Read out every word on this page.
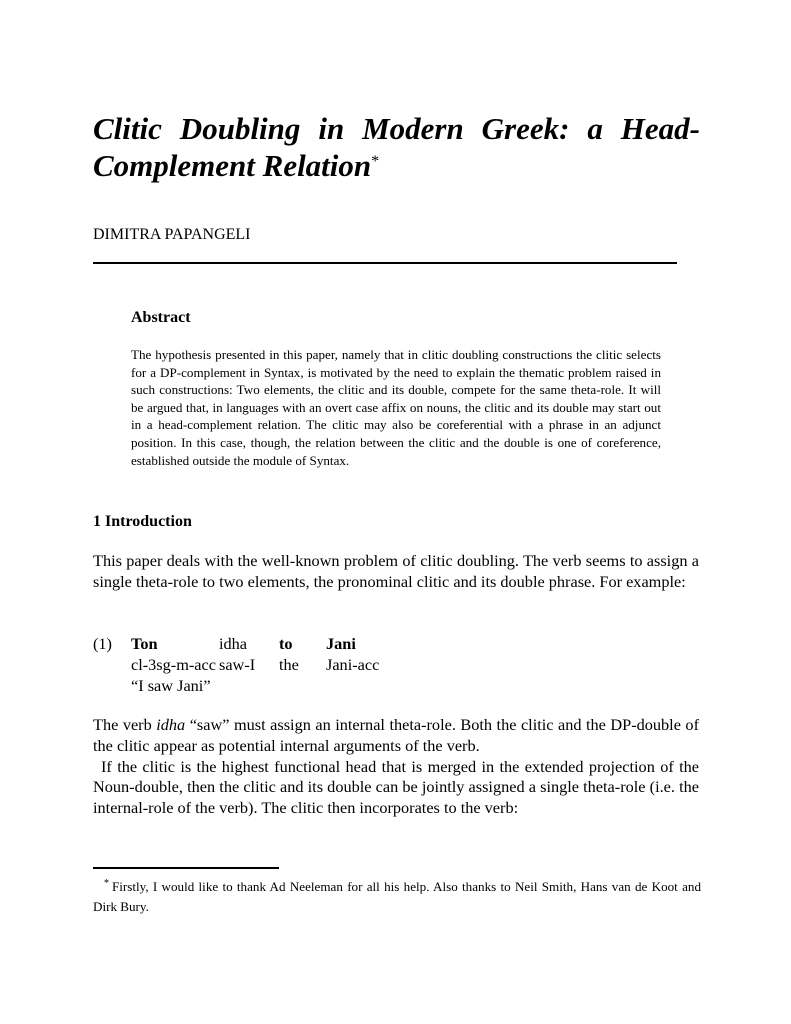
Clitic Doubling in Modern Greek: a Head-Complement Relation*
DIMITRA PAPANGELI
Abstract

The hypothesis presented in this paper, namely that in clitic doubling constructions the clitic selects for a DP-complement in Syntax, is motivated by the need to explain the thematic problem raised in such constructions: Two elements, the clitic and its double, compete for the same theta-role. It will be argued that, in languages with an overt case affix on nouns, the clitic and its double may start out in a head-complement relation. The clitic may also be coreferential with a phrase in an adjunct position. In this case, though, the relation between the clitic and the double is one of coreference, established outside the module of Syntax.

1 Introduction

This paper deals with the well-known problem of clitic doubling. The verb seems to assign a single theta-role to two elements, the pronominal clitic and its double phrase. For example:

(1) Ton	idha to Jani
cl-3sg-m-acc saw-I the Jani-acc
“I saw Jani”

The verb idha “saw” must assign an internal theta-role. Both the clitic and the DP-double of the clitic appear as potential internal arguments of the verb.
If the clitic is the highest functional head that is merged in the extended projection of the Noun-double, then the clitic and its double can be jointly assigned a single theta-role (i.e. the internal-role of the verb). The clitic then incorporates to the verb:

* Firstly, I would like to thank Ad Neeleman for all his help. Also thanks to Neil Smith, Hans van de Koot and Dirk Bury.
